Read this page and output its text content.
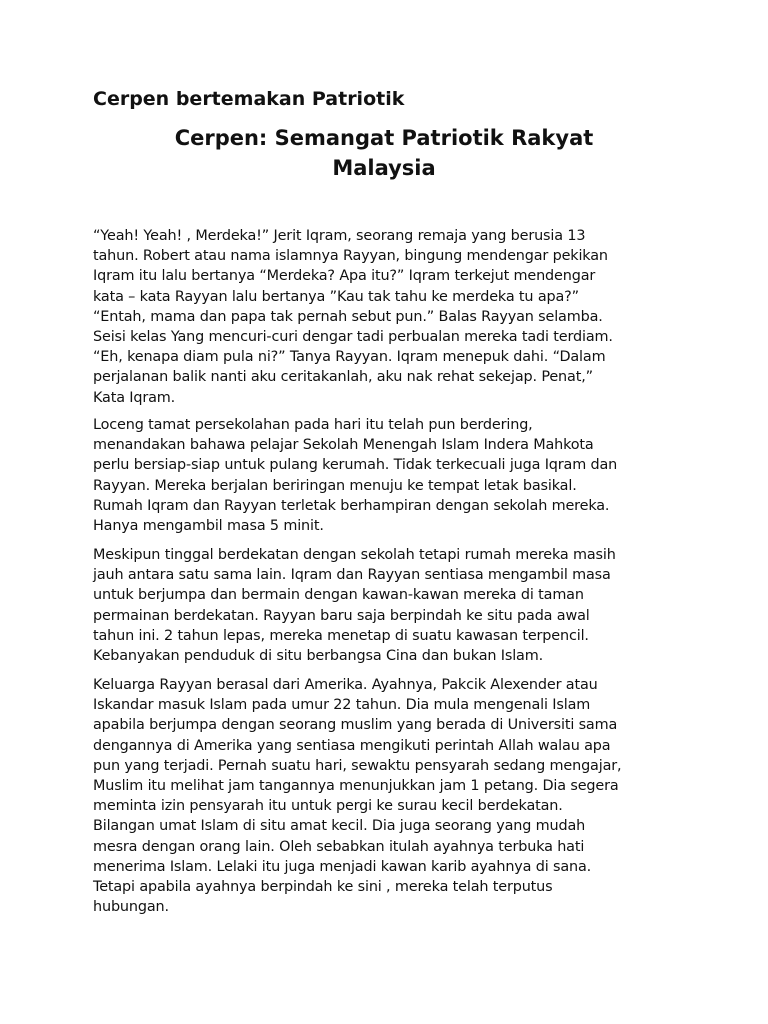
Cerpen bertemakan Patriotik
Cerpen: Semangat Patriotik Rakyat
Malaysia
“Yeah! Yeah! , Merdeka!” Jerit Iqram, seorang remaja yang berusia 13
tahun. Robert atau nama islamnya Rayyan, bingung mendengar pekikan
Iqram itu lalu bertanya “Merdeka? Apa itu?” Iqram terkejut mendengar
kata – kata Rayyan lalu bertanya ”Kau tak tahu ke merdeka tu apa?”
“Entah, mama dan papa tak pernah sebut pun.” Balas Rayyan selamba.
Seisi kelas Yang mencuri-curi dengar tadi perbualan mereka tadi terdiam.
“Eh, kenapa diam pula ni?” Tanya Rayyan. Iqram menepuk dahi. “Dalam
perjalanan balik nanti aku ceritakanlah, aku nak rehat sekejap. Penat,”
Kata Iqram.
Loceng tamat persekolahan pada hari itu telah pun berdering,
menandakan bahawa pelajar Sekolah Menengah Islam Indera Mahkota
perlu bersiap-siap untuk pulang kerumah. Tidak terkecuali juga Iqram dan
Rayyan. Mereka berjalan beriringan menuju ke tempat letak basikal.
Rumah Iqram dan Rayyan terletak berhampiran dengan sekolah mereka.
Hanya mengambil masa 5 minit.
Meskipun tinggal berdekatan dengan sekolah tetapi rumah mereka masih
jauh antara satu sama lain. Iqram dan Rayyan sentiasa mengambil masa
untuk berjumpa dan bermain dengan kawan-kawan mereka di taman
permainan berdekatan. Rayyan baru saja berpindah ke situ pada awal
tahun ini. 2 tahun lepas, mereka menetap di suatu kawasan terpencil.
Kebanyakan penduduk di situ berbangsa Cina dan bukan Islam.
Keluarga Rayyan berasal dari Amerika. Ayahnya, Pakcik Alexender atau
Iskandar masuk Islam pada umur 22 tahun. Dia mula mengenali Islam
apabila berjumpa dengan seorang muslim yang berada di Universiti sama
dengannya di Amerika yang sentiasa mengikuti perintah Allah walau apa
pun yang terjadi. Pernah suatu hari, sewaktu pensyarah sedang mengajar,
Muslim itu melihat jam tangannya menunjukkan jam 1 petang. Dia segera
meminta izin pensyarah itu untuk pergi ke surau kecil berdekatan.
Bilangan umat Islam di situ amat kecil. Dia juga seorang yang mudah
mesra dengan orang lain. Oleh sebabkan itulah ayahnya terbuka hati
menerima Islam. Lelaki itu juga menjadi kawan karib ayahnya di sana.
Tetapi apabila ayahnya berpindah ke sini , mereka telah terputus
hubungan.
